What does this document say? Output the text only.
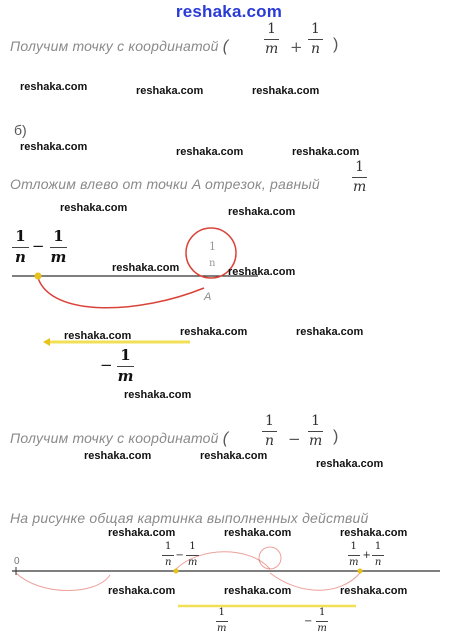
reshaka.com
Получим точку с координатой ( $\frac{1}{m} + \frac{1}{n}$ )
reshaka.com	reshaka.com	reshaka.com
б)
reshaka.com	reshaka.com	reshaka.com
Отложим влево от точки A отрезок, равный $\frac{1}{m}$
reshaka.com	reshaka.com
$\frac{1}{n} - \frac{1}{m}$	1
n
A
reshaka.com	reshaka.com
reshaka.com	reshaka.com	reshaka.com
− $\frac{1}{m}$
reshaka.com
Получим точку с координатой ( $\frac{1}{n} - \frac{1}{m}$ )
reshaka.com	reshaka.com
reshaka.com
На рисунке общая картинка выполненных действий
reshaka.com	reshaka.com	reshaka.com
0	$\frac{1}{n} - \frac{1}{m}$	$\frac{1}{m} + \frac{1}{n}$
reshaka.com	reshaka.com	reshaka.com
$\frac{1}{m}$	− $\frac{1}{m}$
